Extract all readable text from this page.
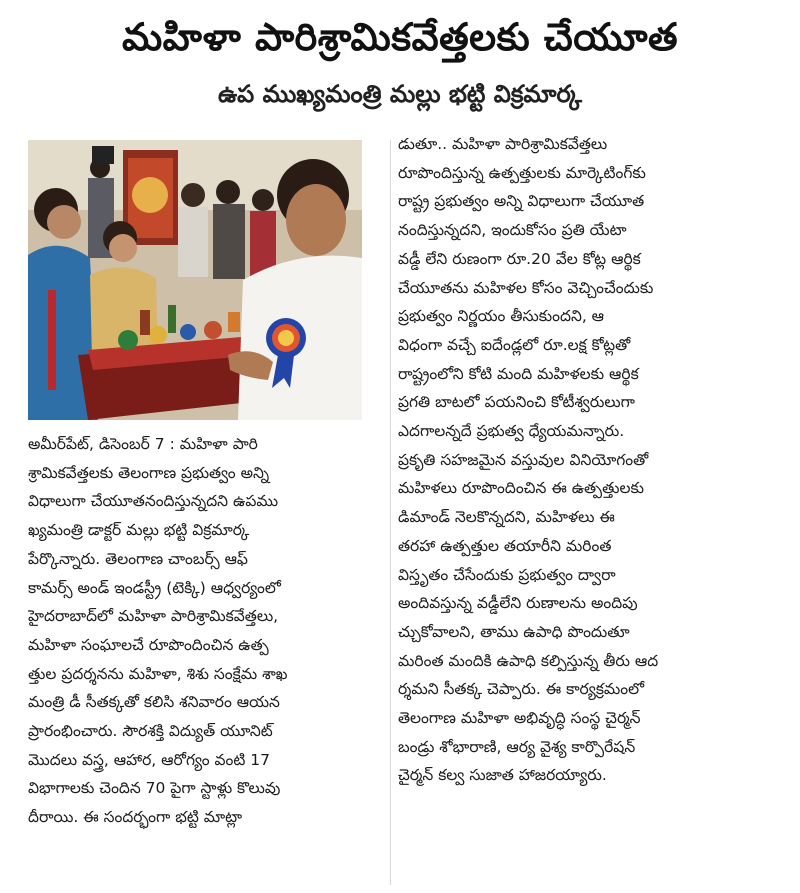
మహిళా పారిశ్రామికవేత్తలకు చేయూత
ఉప ముఖ్యమంత్రి మల్లు భట్టి విక్రమార్క
అమీర్‌పేట్, డిసెంబర్ 7 : మహిళా పారి
శ్రామికవేత్తలకు తెలంగాణ ప్రభుత్వం అన్ని
విధాలుగా చేయూతనందిస్తున్నదని ఉపము
ఖ్యమంత్రి డాక్టర్ మల్లు భట్టి విక్రమార్క
పేర్కొన్నారు. తెలంగాణ చాంబర్స్ ఆఫ్
కామర్స్ అండ్ ఇండస్ట్రీ (టెక్కి) ఆధ్వర్యంలో
హైదరాబాద్‌లో మహిళా పారిశ్రామికవేత్తలు,
మహిళా సంఘాలచే రూపొందించిన ఉత్ప
త్తుల ప్రదర్శనను మహిళా, శిశు సంక్షేమ శాఖ
మంత్రి డీ సీతక్కతో కలిసి శనివారం ఆయన
ప్రారంభించారు. సౌరశక్తి విద్యుత్ యూనిట్
మొదలు వస్త్ర, ఆహార, ఆరోగ్యం వంటి 17
విభాగాలకు చెందిన 70 పైగా స్టాళ్లు కొలువు
దీరాయి. ఈ సందర్భంగా భట్టి మాట్లా
డుతూ.. మహిళా పారిశ్రామికవేత్తలు
రూపొందిస్తున్న ఉత్పత్తులకు మార్కెటింగ్‌కు
రాష్ట్ర ప్రభుత్వం అన్ని విధాలుగా చేయూత
నందిస్తున్నదని, ఇందుకోసం ప్రతి యేటా
వడ్డీ లేని రుణంగా రూ.20 వేల కోట్ల ఆర్థిక
చేయూతను మహిళల కోసం వెచ్చించేందుకు
ప్రభుత్వం నిర్ణయం తీసుకుందని, ఆ
విధంగా వచ్చే ఐదేండ్లలో రూ.లక్ష కోట్లతో
రాష్ట్రంలోని కోటి మంది మహిళలకు ఆర్థిక
ప్రగతి బాటలో పయనించి కోటీశ్వరులుగా
ఎదగాలన్నదే ప్రభుత్వ ధ్యేయమన్నారు.
ప్రకృతి సహజమైన వస్తువుల వినియోగంతో
మహిళలు రూపొందించిన ఈ ఉత్పత్తులకు
డిమాండ్ నెలకొన్నదని, మహిళలు ఈ
తరహా ఉత్పత్తుల తయారీని మరింత
విస్తృతం చేసేందుకు ప్రభుత్వం ద్వారా
అందివస్తున్న వడ్డీలేని రుణాలను అందిపు
చ్చుకోవాలని, తాము ఉపాధి పొందుతూ
మరింత మందికి ఉపాధి కల్పిస్తున్న తీరు ఆద
ర్శమని సీతక్క చెప్పారు. ఈ కార్యక్రమంలో
తెలంగాణ మహిళా అభివృద్ధి సంస్థ చైర్మన్
బండ్రు శోభారాణి, ఆర్య వైశ్య కార్పొరేషన్
చైర్మన్ కల్వ సుజాత హాజరయ్యారు.
